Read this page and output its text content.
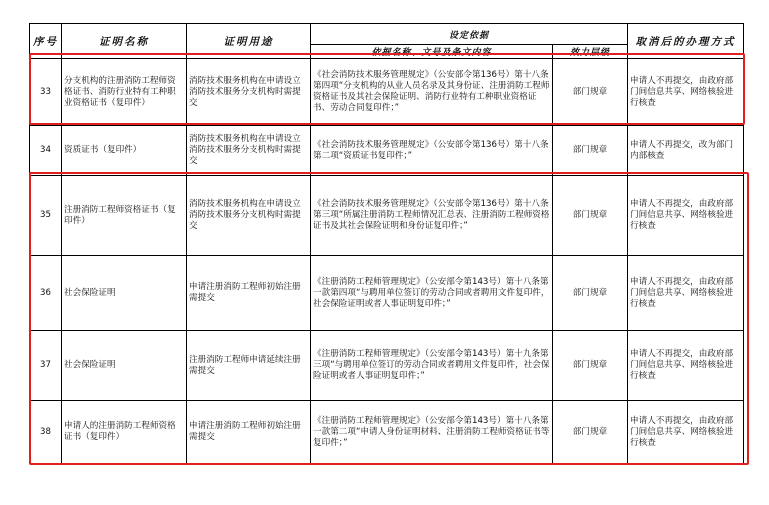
序号	证明名称	证明用途	设定依据		取消后的办理方式
			依据名称、文号及条文内容	效力层级	
33	分支机构的注册消防工程师资格证书、消防行业特有工种职业资格证书（复印件）	消防技术服务机构在申请设立消防技术服务分支机构时需提交	《社会消防技术服务管理规定》（公安部令第136号）第十八条第四项“分支机构的从业人员名录及其身份证、注册消防工程师资格证书及其社会保险证明、消防行业特有工种职业资格证书、劳动合同复印件；”	部门规章	申请人不再提交，由政府部门间信息共享、网络核验进行核查
34	资质证书（复印件）	消防技术服务机构在申请设立消防技术服务分支机构时需提交	《社会消防技术服务管理规定》（公安部令第136号）第十八条第二项“资质证书复印件；”	部门规章	申请人不再提交，改为部门内部核查
35	注册消防工程师资格证书（复印件）	消防技术服务机构在申请设立消防技术服务分支机构时需提交	《社会消防技术服务管理规定》（公安部令第136号）第十八条第三项“所属注册消防工程师情况汇总表、注册消防工程师资格证书及其社会保险证明和身份证复印件；”	部门规章	申请人不再提交，由政府部门间信息共享、网络核验进行核查
36	社会保险证明	申请注册消防工程师初始注册需提交	《注册消防工程师管理规定》（公安部令第143号）第十八条第一款第四项“与聘用单位签订的劳动合同或者聘用文件复印件，社会保险证明或者人事证明复印件；”	部门规章	申请人不再提交，由政府部门间信息共享、网络核验进行核查
37	社会保险证明	注册消防工程师申请延续注册需提交	《注册消防工程师管理规定》（公安部令第143号）第十九条第三项“与聘用单位签订的劳动合同或者聘用文件复印件，社会保险证明或者人事证明复印件；”	部门规章	申请人不再提交，由政府部门间信息共享、网络核验进行核查
38	申请人的注册消防工程师资格证书（复印件）	申请注册消防工程师初始注册需提交	《注册消防工程师管理规定》（公安部令第143号）第十八条第一款第二项“申请人身份证明材料、注册消防工程师资格证书等复印件；”	部门规章	申请人不再提交，由政府部门间信息共享、网络核验进行核查
